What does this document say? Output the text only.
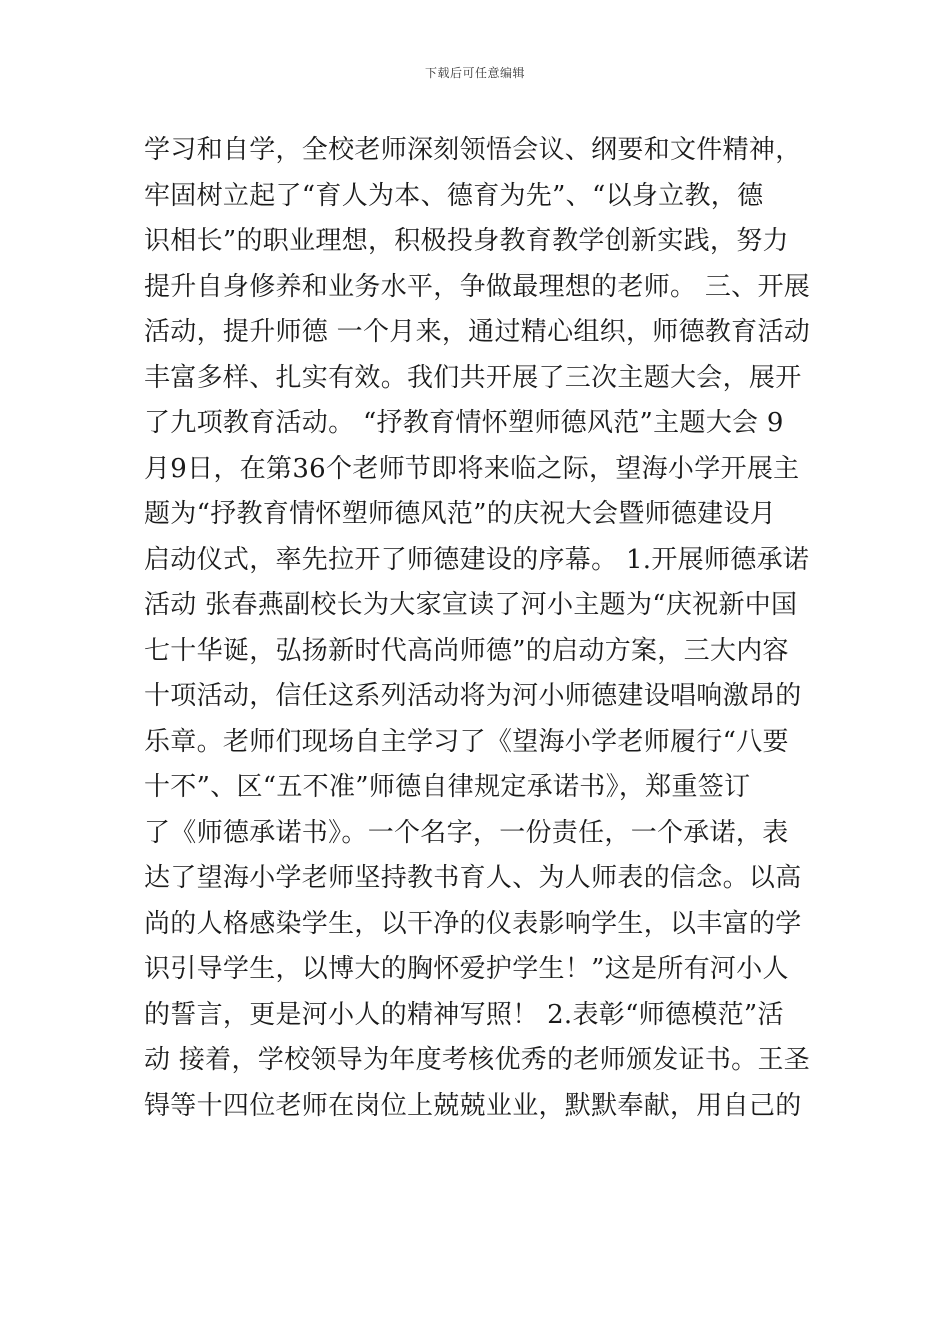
下载后可任意编辑
学习和自学，全校老师深刻领悟会议、纲要和文件精神，
牢固树立起了“育人为本、德育为先”、“以身立教，德
识相长”的职业理想，积极投身教育教学创新实践，努力
提升自身修养和业务水平，争做最理想的老师。 三、开展
活动，提升师德 一个月来，通过精心组织，师德教育活动
丰富多样、扎实有效。我们共开展了三次主题大会，展开
了九项教育活动。 “抒教育情怀塑师德风范”主题大会 9
月9日，在第36个老师节即将来临之际，望海小学开展主
题为“抒教育情怀塑师德风范”的庆祝大会暨师德建设月
启动仪式，率先拉开了师德建设的序幕。 1.开展师德承诺
活动 张春燕副校长为大家宣读了河小主题为“庆祝新中国
七十华诞，弘扬新时代高尚师德”的启动方案，三大内容
十项活动，信任这系列活动将为河小师德建设唱响激昂的
乐章。老师们现场自主学习了《望海小学老师履行“八要
十不”、区“五不准”师德自律规定承诺书》，郑重签订
了《师德承诺书》。一个名字，一份责任，一个承诺，表
达了望海小学老师坚持教书育人、为人师表的信念。以高
尚的人格感染学生，以干净的仪表影响学生，以丰富的学
识引导学生，以博大的胸怀爱护学生！”这是所有河小人
的誓言，更是河小人的精神写照！ 2.表彰“师德模范”活
动 接着，学校领导为年度考核优秀的老师颁发证书。王圣
锝等十四位老师在岗位上兢兢业业，默默奉献，用自己的
